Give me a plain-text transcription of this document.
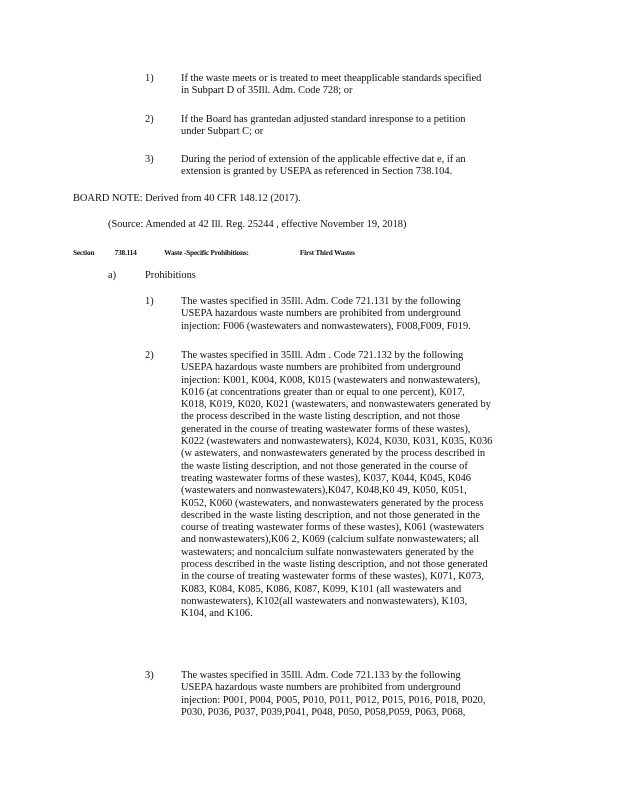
1)	If the waste meets or is treated to meet theapplicable standards specified
in Subpart D of 35Ill. Adm. Code 728; or
2)	If the Board has grantedan adjusted standard inresponse to a petition
under Subpart C; or
3)	During the period of extension of the applicable effective dat e, if an
extension is granted by USEPA as referenced in Section 738.104.
BOARD NOTE: Derived from 40 CFR 148.12 (2017).
(Source: Amended at 42 Ill. Reg. 25244 , effective November 19, 2018)
Section	738.114	Waste -Specific Prohibitions:	First Third Wastes
a)	Prohibitions
1)	The wastes specified in 35Ill. Adm. Code 721.131 by the following
USEPA hazardous waste numbers are prohibited from underground
injection: F006 (wastewaters and nonwastewaters), F008,F009, F019.
2)	The wastes specified in 35Ill. Adm . Code 721.132 by the following
USEPA hazardous waste numbers are prohibited from underground
injection: K001, K004, K008, K015 (wastewaters and nonwastewaters),
K016 (at concentrations greater than or equal to one percent), K017,
K018, K019, K020, K021 (wastewaters, and nonwastewaters generated by
the process described in the waste listing description, and not those
generated in the course of treating wastewater forms of these wastes),
K022 (wastewaters and nonwastewaters), K024, K030, K031, K035, K036
(w astewaters, and nonwastewaters generated by the process described in
the waste listing description, and not those generated in the course of
treating wastewater forms of these wastes), K037, K044, K045, K046
(wastewaters and nonwastewaters),K047, K048,K0 49, K050, K051,
K052, K060 (wastewaters, and nonwastewaters generated by the process
described in the waste listing description, and not those generated in the
course of treating wastewater forms of these wastes), K061 (wastewaters
and nonwastewaters),K06 2, K069 (calcium sulfate nonwastewaters; all
wastewaters; and noncalcium sulfate nonwastewaters generated by the
process described in the waste listing description, and not those generated
in the course of treating wastewater forms of these wastes), K071, K073,
K083, K084, K085, K086, K087, K099, K101 (all wastewaters and
nonwastewaters), K102(all wastewaters and nonwastewaters), K103,
K104, and K106.
3)	The wastes specified in 35Ill. Adm. Code 721.133 by the following
USEPA hazardous waste numbers are prohibited from underground
injection: P001, P004, P005, P010, P011, P012, P015, P016, P018, P020,
P030, P036, P037, P039,P041, P048, P050, P058,P059, P063, P068,
